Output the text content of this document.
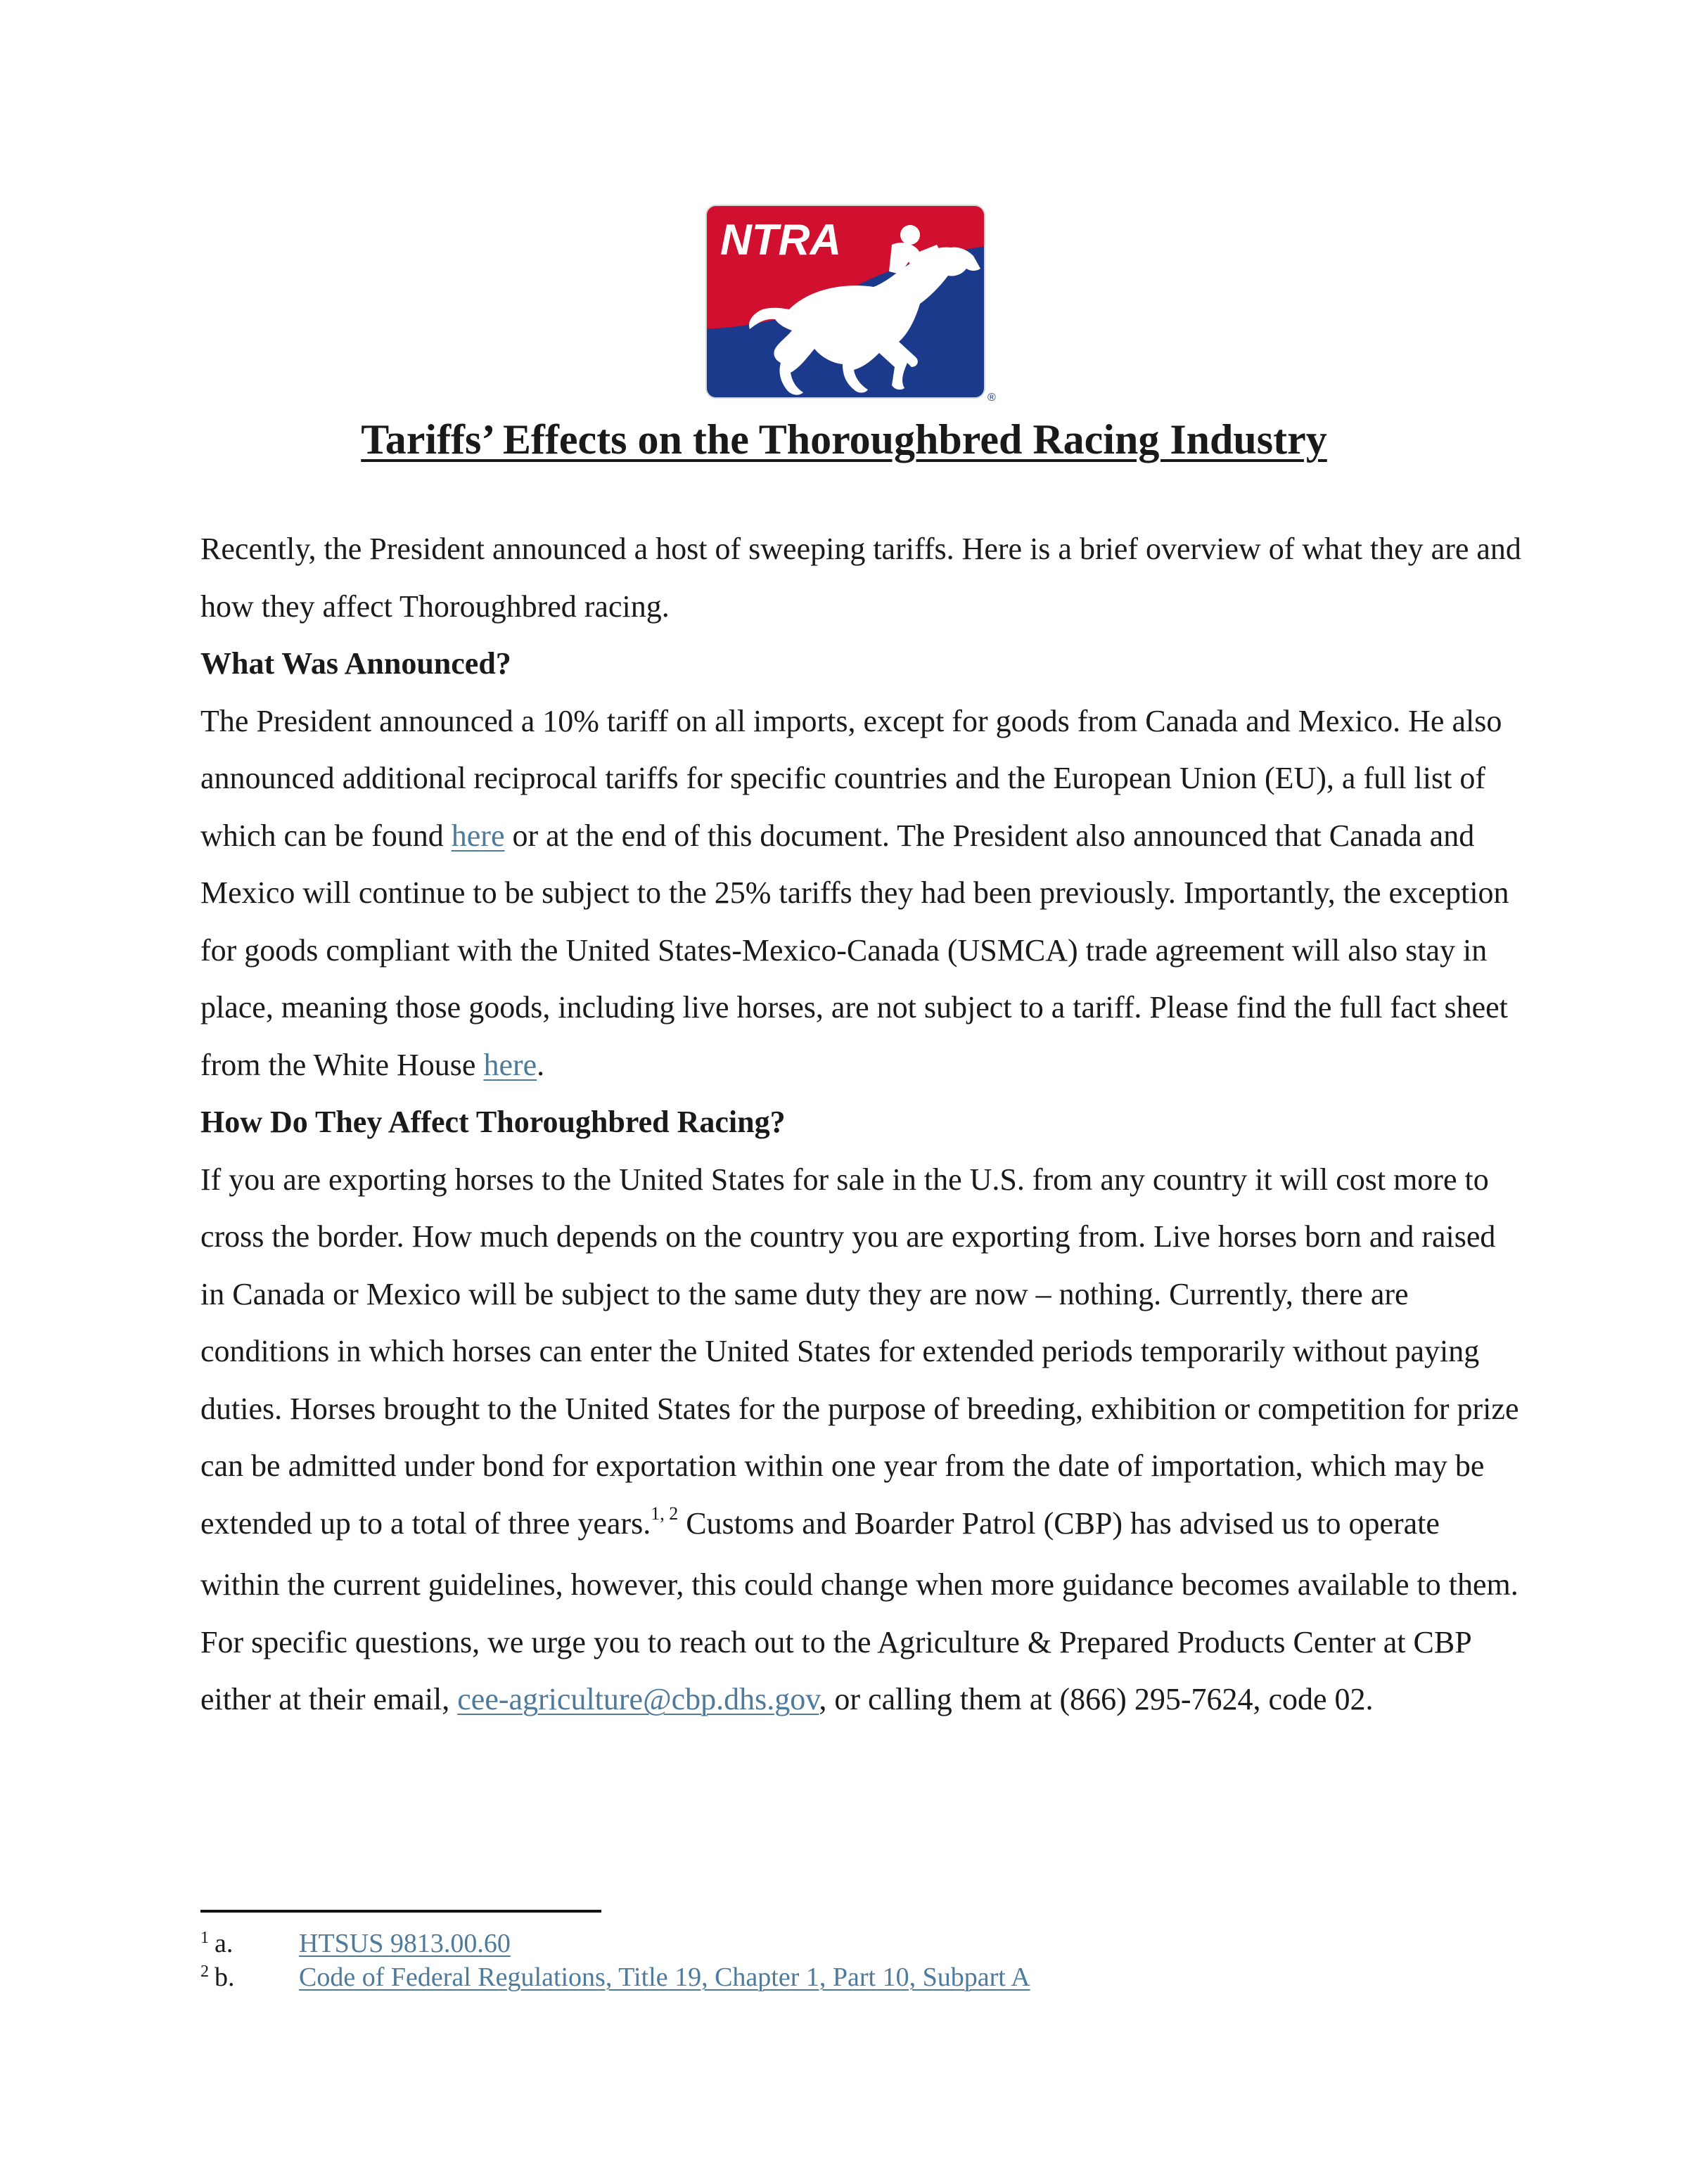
NTRA
®
Tariffs’ Effects on the Thoroughbred Racing Industry

Recently, the President announced a host of sweeping tariffs. Here is a brief overview of what they are and how they affect Thoroughbred racing.

What Was Announced?

The President announced a 10% tariff on all imports, except for goods from Canada and Mexico. He also announced additional reciprocal tariffs for specific countries and the European Union (EU), a full list of which can be found here or at the end of this document. The President also announced that Canada and Mexico will continue to be subject to the 25% tariffs they had been previously. Importantly, the exception for goods compliant with the United States-Mexico-Canada (USMCA) trade agreement will also stay in place, meaning those goods, including live horses, are not subject to a tariff. Please find the full fact sheet from the White House here.

How Do They Affect Thoroughbred Racing?

If you are exporting horses to the United States for sale in the U.S. from any country it will cost more to cross the border. How much depends on the country you are exporting from. Live horses born and raised in Canada or Mexico will be subject to the same duty they are now – nothing. Currently, there are conditions in which horses can enter the United States for extended periods temporarily without paying duties. Horses brought to the United States for the purpose of breeding, exhibition or competition for prize can be admitted under bond for exportation within one year from the date of importation, which may be extended up to a total of three years.$^{1, 2}$ Customs and Boarder Patrol (CBP) has advised us to operate within the current guidelines, however, this could change when more guidance becomes available to them. For specific questions, we urge you to reach out to the Agriculture & Prepared Products Center at CBP either at their email, cee-agriculture@cbp.dhs.gov, or calling them at (866) 295‑7624, code 02.

1 a. HTSUS 9813.00.60
2 b. Code of Federal Regulations, Title 19, Chapter 1, Part 10, Subpart A
